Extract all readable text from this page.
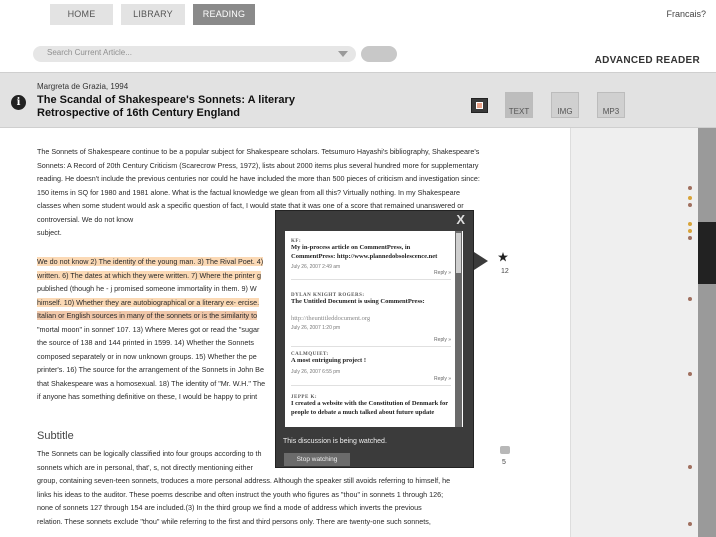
HOME	LIBRARY	READING	Francais?
Search Current Article...
ADVANCED READER
i
Margreta de Grazia, 1994
The Scandal of Shakespeare's Sonnets: A literary Retrospective of 16th Century England	TEXT	IMG	MP3
The Sonnets of Shakespeare continue to be a popular subject for Shakespeare scholars. Tetsumuro Hayashi's bibliography, Shakespeare's Sonnets: A Record of 20th Century Criticism (Scarecrow Press, 1972), lists about 2000 items plus several hundred more for supplementary reading. He doesn't include the previous centuries nor could he have included the more than 500 pieces of criticism and investigation since: 150 items in SQ for 1980 and 1981 alone. What is the factual knowledge we glean from all this? Virtually nothing. In my Shakespeare classes when some student would ask a specific question of fact, I would state that it was one of a score that remained unanswered or controversial. We do not know
subject.
We do not know 2) The identity of the young man. 3) The Rival Poet. 4)
written. 6) The dates at which they were written. 7) Where the printer g
published (though he - j promised someone immortality in them. 9) W
himself. 10) Whether they are autobiographical or a literary ex- ercise.
Italian or English sources in many of the sonnets or is the similarity to
"mortal moon" in sonnet' 107. 13) Where Meres got or read the "sugar
the source of 138 and 144 printed in 1599. 14) Whether the Sonnets
composed separately or in now unknown groups. 15) Whether the pe
printer's. 16) The source for the arrangement of the Sonnets in John Be
that Shakespeare was a homosexual. 18) The identity of "Mr. W.H." The
if anyone has something definitive on these, I would be happy to print
Subtitle
The Sonnets can be logically classified into four groups according to th
sonnets which are in personal, that', s, not directly mentioning either
group, containing seven-teen sonnets, troduces a more personal address. Although the speaker still avoids referring to himself, he
links his ideas to the auditor. These poems describe and often instruct the youth who figures as "thou" in sonnets 1 through 126;
none of sonnets 127 through 154 are included.(3) In the third group we find a mode of address which inverts the previous
relation. These sonnets exclude "thou" while referring to the first and third persons only. There are twenty-one such sonnets,
12
5
X
KF:
My in-process article on CommentPress, in CommentPress: http://www.plannedobsolescence.net
July 26, 2007 2:49 am
Reply »
DYLAN KNIGHT ROGERS:
The Untitled Document is using CommentPress:
http://theuntitleddocument.org
July 26, 2007 1:20 pm
Reply »
CALMQUIET:
A most entriguing project !
July 26, 2007 6:55 pm
Reply »
JEPPE K:
I created a website with the Constitution of Denmark for people to debate a much talked about future update
This discussion is being watched.
Stop watching
